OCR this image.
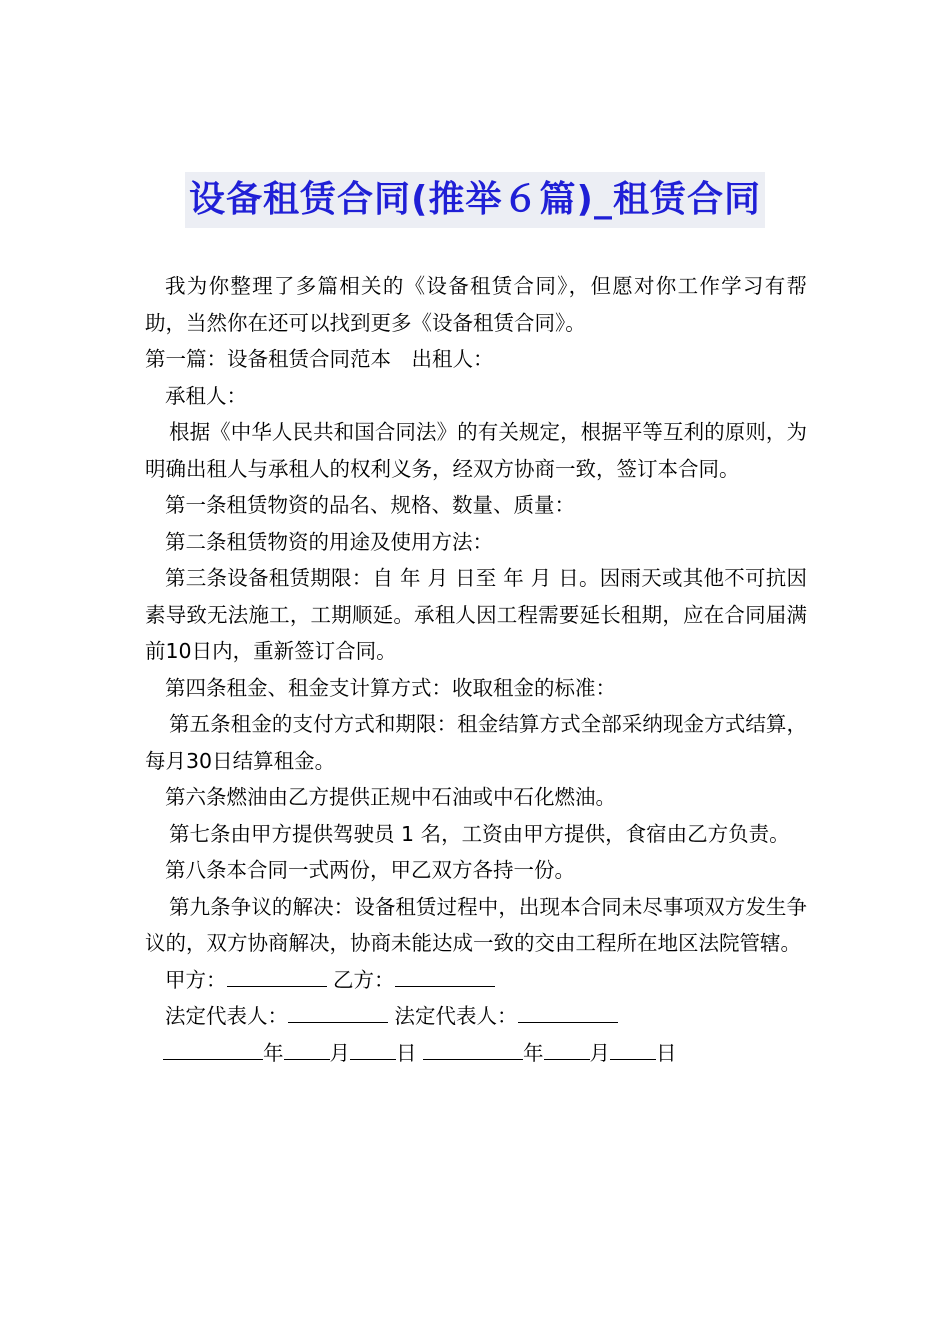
设备租赁合同(推举６篇)_租赁合同

我为你整理了多篇相关的《设备租赁合同》，但愿对你工作学习有帮助，当然你在还可以找到更多《设备租赁合同》。

第一篇：设备租赁合同范本　出租人：

承租人：

根据《中华人民共和国合同法》的有关规定，根据平等互利的原则，为明确出租人与承租人的权利义务，经双方协商一致，签订本合同。

第一条租赁物资的品名、规格、数量、质量：

第二条租赁物资的用途及使用方法：

第三条设备租赁期限：自 年 月 日至 年 月 日。因雨天或其他不可抗因素导致无法施工，工期顺延。承租人因工程需要延长租期，应在合同届满前10日内，重新签订合同。

第四条租金、租金支计算方式：收取租金的标准：

第五条租金的支付方式和期限：租金结算方式全部采纳现金方式结算，每月30日结算租金。

第六条燃油由乙方提供正规中石油或中石化燃油。

第七条由甲方提供驾驶员 1 名，工资由甲方提供，食宿由乙方负责。

第八条本合同一式两份，甲乙双方各持一份。

第九条争议的解决：设备租赁过程中，出现本合同未尽事项双方发生争议的，双方协商解决，协商未能达成一致的交由工程所在地区法院管辖。

甲方：	乙方：

法定代表人：	法定代表人：

年 月 日	年 月 日
